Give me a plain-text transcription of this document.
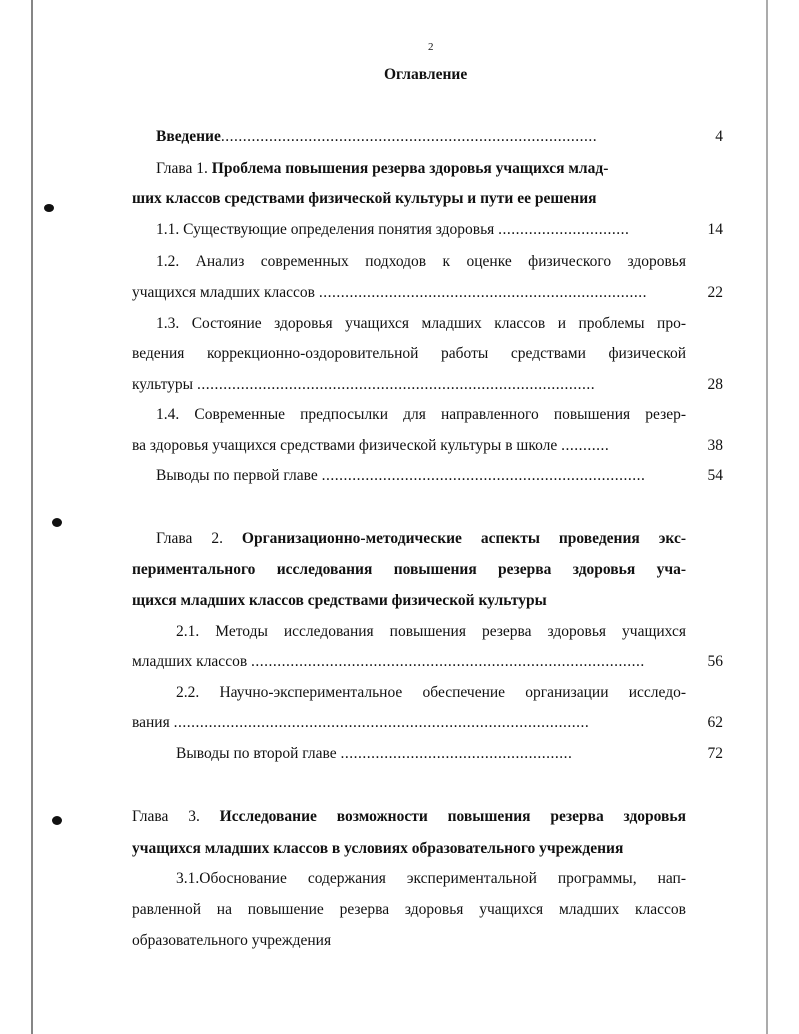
2
Оглавление
Введение......................................................................................	4
Глава 1. Проблема повышения резерва здоровья учащихся млад-
ших классов средствами физической культуры и пути ее решения
1.1. Существующие определения понятия здоровья ..............................	14
1.2. Анализ современных подходов к оценке физического здоровья
учащихся младших классов ...........................................................................	22
1.3. Состояние здоровья учащихся младших классов и проблемы про-
ведения коррекционно-оздоровительной работы средствами физической
культуры ...........................................................................................	28
1.4. Современные предпосылки для направленного повышения резер-
ва здоровья учащихся средствами физической культуры в школе ...........	38
Выводы по первой главе ..........................................................................	54
Глава 2. Организационно-методические аспекты проведения экс-
периментального исследования повышения резерва здоровья уча-
щихся младших классов средствами физической культуры
2.1. Методы исследования повышения резерва здоровья учащихся
младших классов ..........................................................................................	56
2.2. Научно-экспериментальное обеспечение организации исследо-
вания ...............................................................................................	62
Выводы по второй главе .....................................................	72
Глава 3. Исследование возможности повышения резерва здоровья
учащихся младших классов в условиях образовательного учреждения
3.1.Обоснование содержания экспериментальной программы, нап-
равленной на повышение резерва здоровья учащихся младших классов
образовательного учреждения
